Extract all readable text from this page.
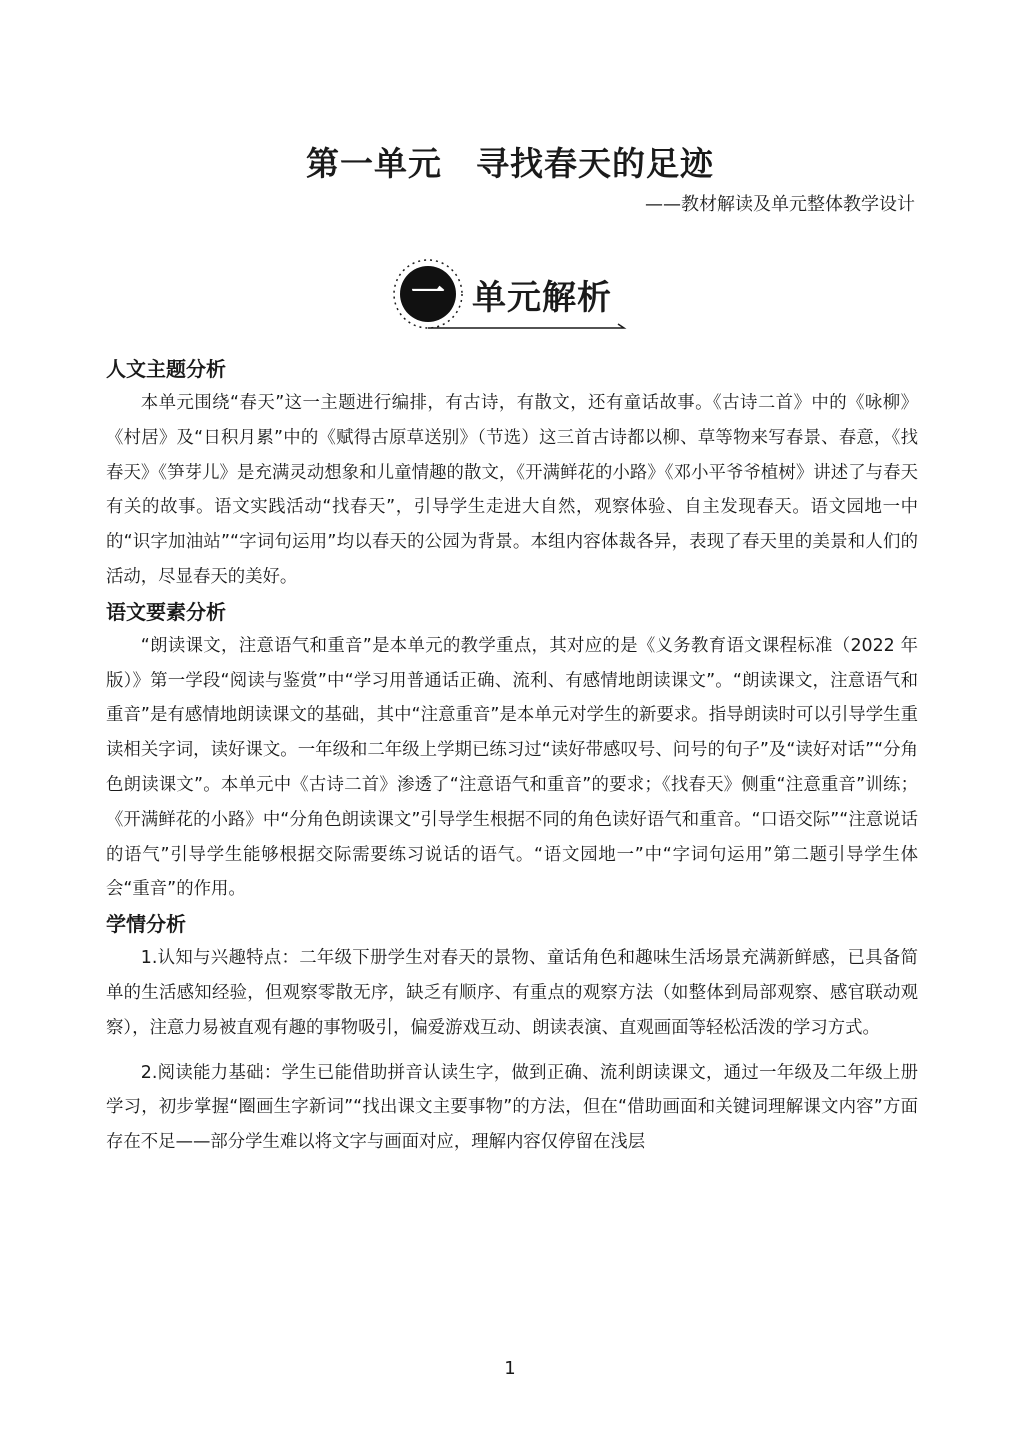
第一单元　寻找春天的足迹
——教材解读及单元整体教学设计
一 单元解析
人文主题分析

本单元围绕“春天”这一主题进行编排，有古诗，有散文，还有童话故事。《古诗二首》中的《咏柳》《村居》及“日积月累”中的《赋得古原草送别》（节选）这三首古诗都以柳、草等物来写春景、春意，《找春天》《笋芽儿》是充满灵动想象和儿童情趣的散文，《开满鲜花的小路》《邓小平爷爷植树》讲述了与春天有关的故事。语文实践活动“找春天”，引导学生走进大自然，观察体验、自主发现春天。语文园地一中的“识字加油站”“字词句运用”均以春天的公园为背景。本组内容体裁各异，表现了春天里的美景和人们的活动，尽显春天的美好。

语文要素分析

“朗读课文，注意语气和重音”是本单元的教学重点，其对应的是《义务教育语文课程标准（2022 年版）》第一学段“阅读与鉴赏”中“学习用普通话正确、流利、有感情地朗读课文”。“朗读课文，注意语气和重音”是有感情地朗读课文的基础，其中“注意重音”是本单元对学生的新要求。指导朗读时可以引导学生重读相关字词，读好课文。一年级和二年级上学期已练习过“读好带感叹号、问号的句子”及“读好对话”“分角色朗读课文”。本单元中《古诗二首》渗透了“注意语气和重音”的要求；《找春天》侧重“注意重音”训练；《开满鲜花的小路》中“分角色朗读课文”引导学生根据不同的角色读好语气和重音。“口语交际”“注意说话的语气”引导学生能够根据交际需要练习说话的语气。“语文园地一”中“字词句运用”第二题引导学生体会“重音”的作用。

学情分析

1.认知与兴趣特点：二年级下册学生对春天的景物、童话角色和趣味生活场景充满新鲜感，已具备简单的生活感知经验，但观察零散无序，缺乏有顺序、有重点的观察方法（如整体到局部观察、感官联动观察），注意力易被直观有趣的事物吸引，偏爱游戏互动、朗读表演、直观画面等轻松活泼的学习方式。

2.阅读能力基础：学生已能借助拼音认读生字，做到正确、流利朗读课文，通过一年级及二年级上册学习，初步掌握“圈画生字新词”“找出课文主要事物”的方法，但在“借助画面和关键词理解课文内容”方面存在不足——部分学生难以将文字与画面对应，理解内容仅停留在浅层

1
